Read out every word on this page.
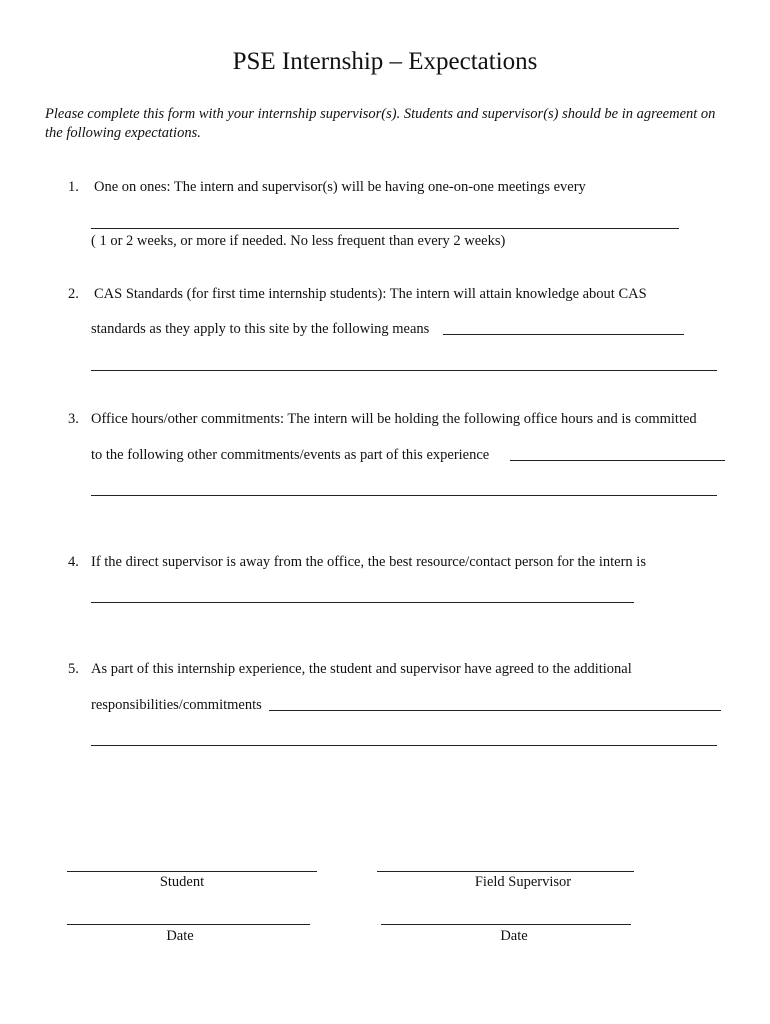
PSE Internship – Expectations
Please complete this form with your internship supervisor(s). Students and supervisor(s) should be in agreement on the following expectations.
1. One on ones: The intern and supervisor(s) will be having one-on-one meetings every
( 1 or 2 weeks, or more if needed. No less frequent than every 2 weeks)
2. CAS Standards (for first time internship students): The intern will attain knowledge about CAS
standards as they apply to this site by the following means
3. Office hours/other commitments: The intern will be holding the following office hours and is committed
to the following other commitments/events as part of this experience
4. If the direct supervisor is away from the office, the best resource/contact person for the intern is
5. As part of this internship experience, the student and supervisor have agreed to the additional
responsibilities/commitments
Student	Field Supervisor
Date	Date
